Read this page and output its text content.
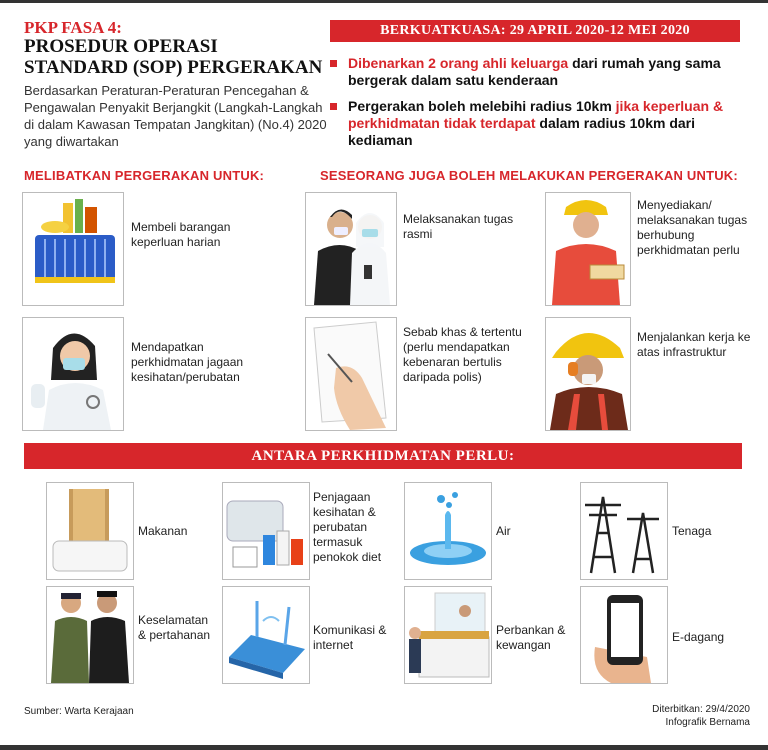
PKP FASA 4:
PROSEDUR OPERASI STANDARD (SOP) PERGERAKAN
Berdasarkan Peraturan-Peraturan Pencegahan & Pengawalan Penyakit Berjangkit (Langkah-Langkah di dalam Kawasan Tempatan Jangkitan) (No.4) 2020 yang diwartakan
BERKUATKUASA: 29 APRIL 2020-12 MEI 2020
Dibenarkan 2 orang ahli keluarga dari rumah yang sama bergerak dalam satu kenderaan
Pergerakan boleh melebihi radius 10km jika keperluan & perkhidmatan tidak terdapat dalam radius 10km dari kediaman
MELIBATKAN PERGERAKAN UNTUK:	SESEORANG JUGA BOLEH MELAKUKAN PERGERAKAN UNTUK:
Membeli barangan keperluan harian
Mendapatkan perkhidmatan jagaan kesihatan/perubatan
Melaksanakan tugas rasmi
Menyediakan/ melaksanakan tugas berhubung perkhidmatan perlu
Sebab khas & tertentu (perlu mendapatkan kebenaran bertulis daripada polis)
Menjalankan kerja ke atas infrastruktur
ANTARA PERKHIDMATAN PERLU:
Makanan
Penjagaan kesihatan & perubatan termasuk penokok diet
Air	Tenaga
Keselamatan & pertahanan	Komunikasi & internet
Perbankan & kewangan
E-dagang
Sumber: Warta Kerajaan	Diterbitkan: 29/4/2020
Infografik Bernama
